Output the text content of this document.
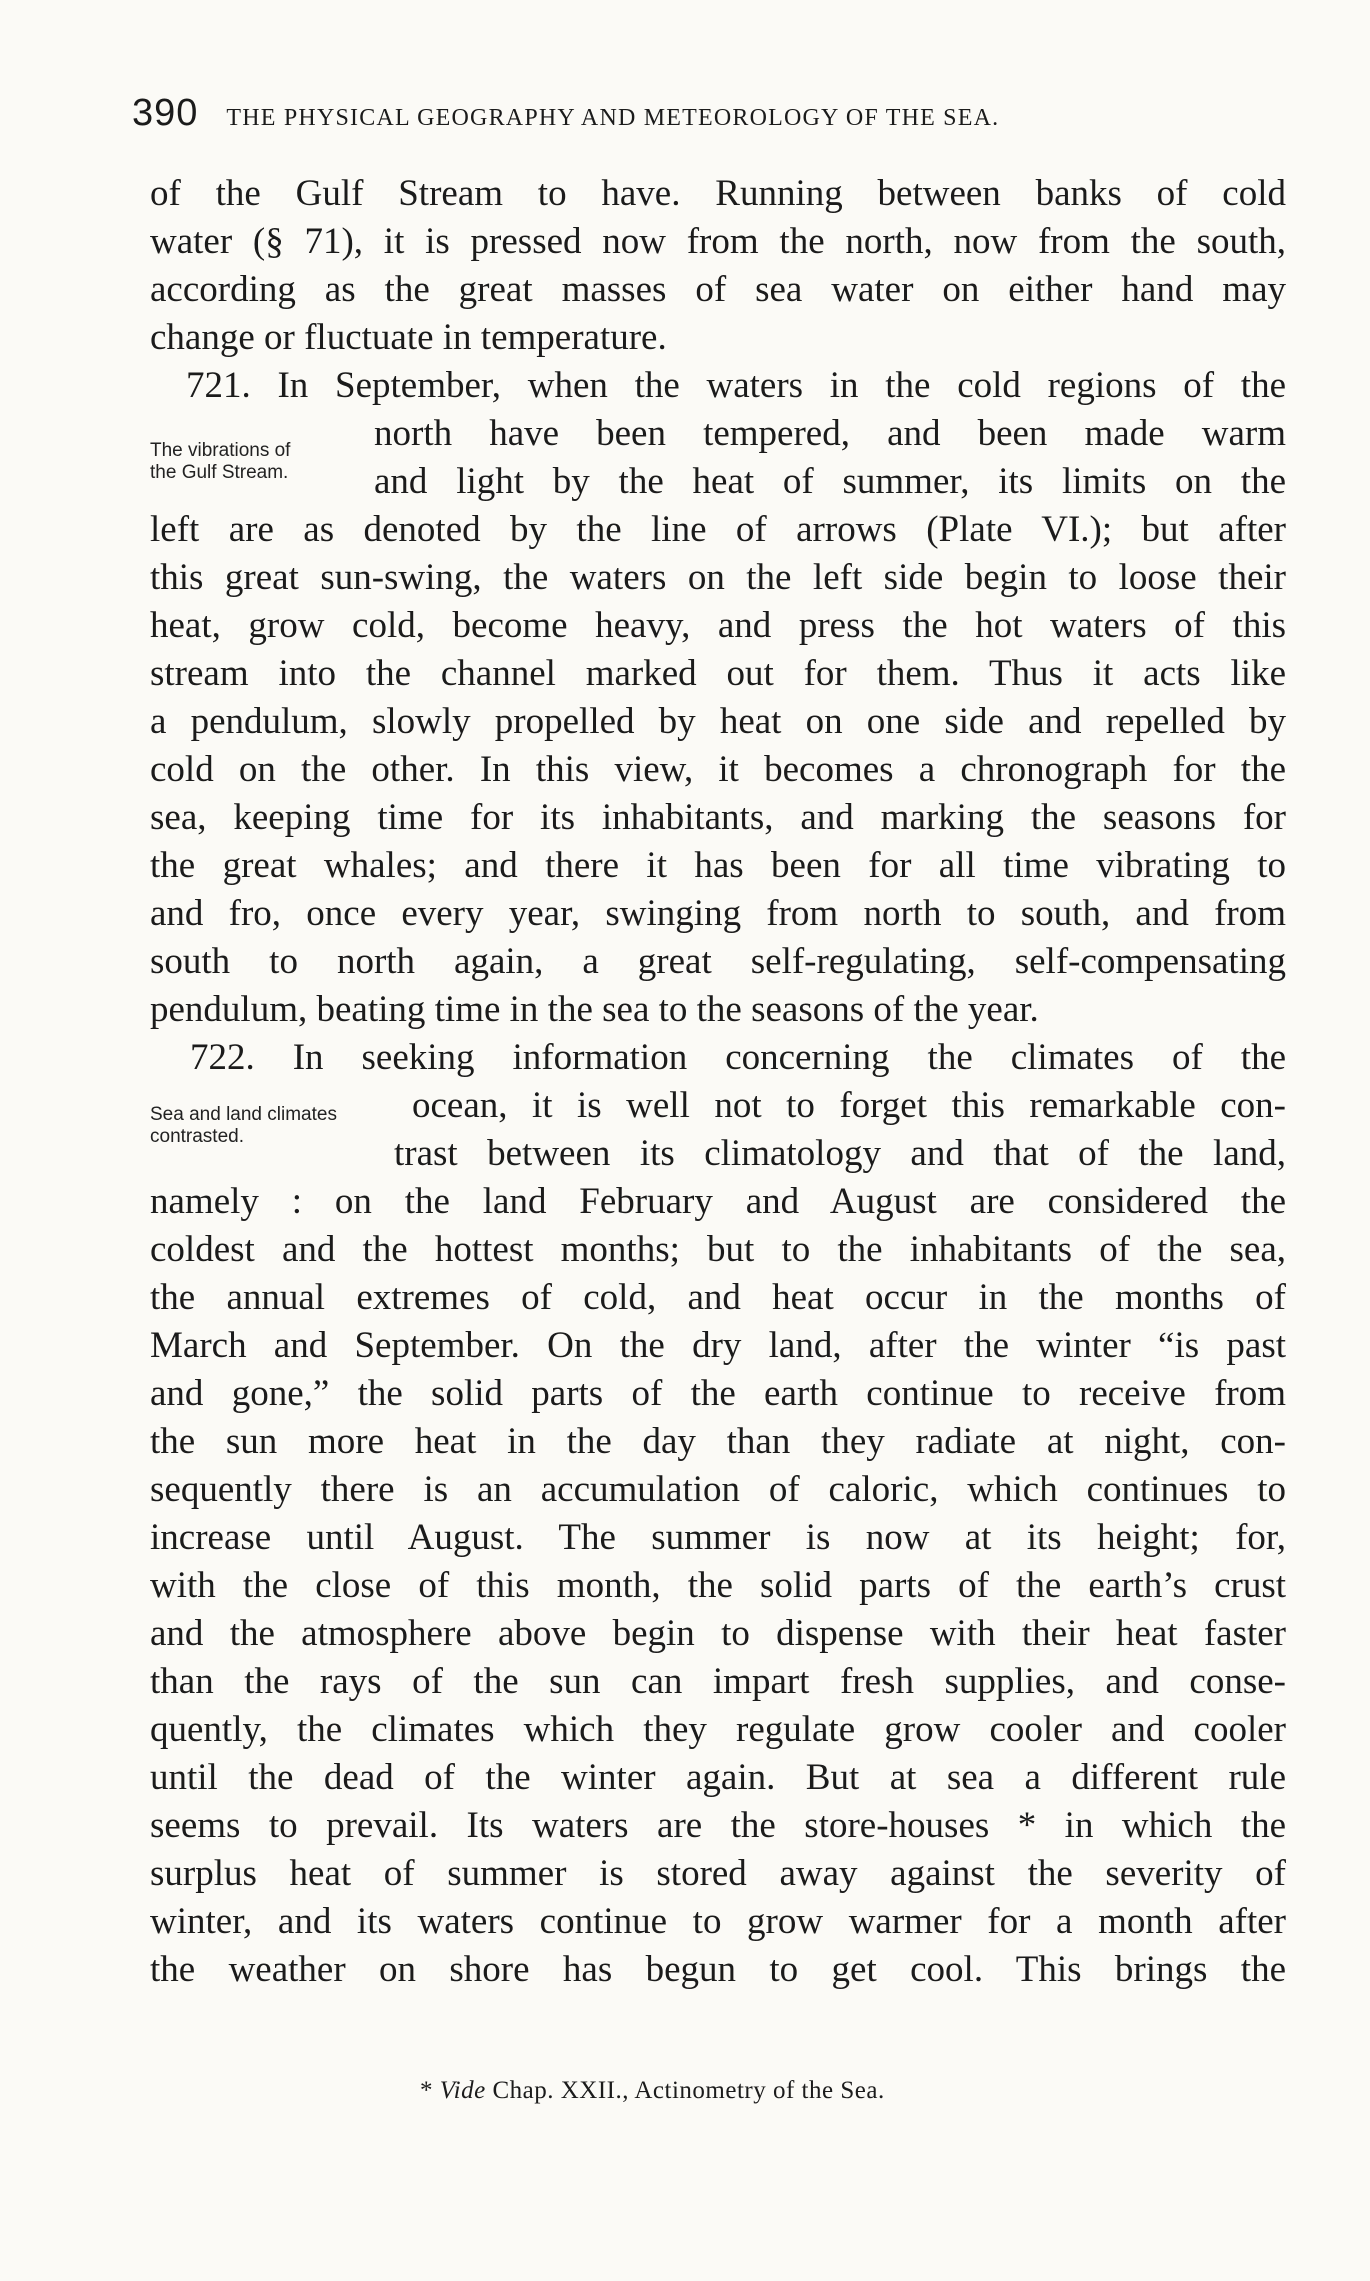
390 THE PHYSICAL GEOGRAPHY AND METEOROLOGY OF THE SEA.
of the Gulf Stream to have. Running between banks of cold
water (§ 71), it is pressed now from the north, now from the south,
according as the great masses of sea water on either hand may
change or fluctuate in temperature.
721. In September, when the waters in the cold regions of the
The vibrations of
the Gulf Stream.
north have been tempered, and been made warm
and light by the heat of summer, its limits on the
left are as denoted by the line of arrows (Plate VI.); but after
this great sun-swing, the waters on the left side begin to loose their
heat, grow cold, become heavy, and press the hot waters of this
stream into the channel marked out for them. Thus it acts like
a pendulum, slowly propelled by heat on one side and repelled by
cold on the other. In this view, it becomes a chronograph for the
sea, keeping time for its inhabitants, and marking the seasons for
the great whales; and there it has been for all time vibrating to
and fro, once every year, swinging from north to south, and from
south to north again, a great self-regulating, self-compensating
pendulum, beating time in the sea to the seasons of the year.
722. In seeking information concerning the climates of the
Sea and land climates
contrasted.
ocean, it is well not to forget this remarkable con-
trast between its climatology and that of the land,
namely : on the land February and August are considered the
coldest and the hottest months; but to the inhabitants of the sea,
the annual extremes of cold, and heat occur in the months of
March and September. On the dry land, after the winter “is past
and gone,” the solid parts of the earth continue to receive from
the sun more heat in the day than they radiate at night, con-
sequently there is an accumulation of caloric, which continues to
increase until August. The summer is now at its height; for,
with the close of this month, the solid parts of the earth’s crust
and the atmosphere above begin to dispense with their heat faster
than the rays of the sun can impart fresh supplies, and conse-
quently, the climates which they regulate grow cooler and cooler
until the dead of the winter again. But at sea a different rule
seems to prevail. Its waters are the store-houses * in which the
surplus heat of summer is stored away against the severity of
winter, and its waters continue to grow warmer for a month after
the weather on shore has begun to get cool. This brings the
* Vide Chap. XXII., Actinometry of the Sea.
